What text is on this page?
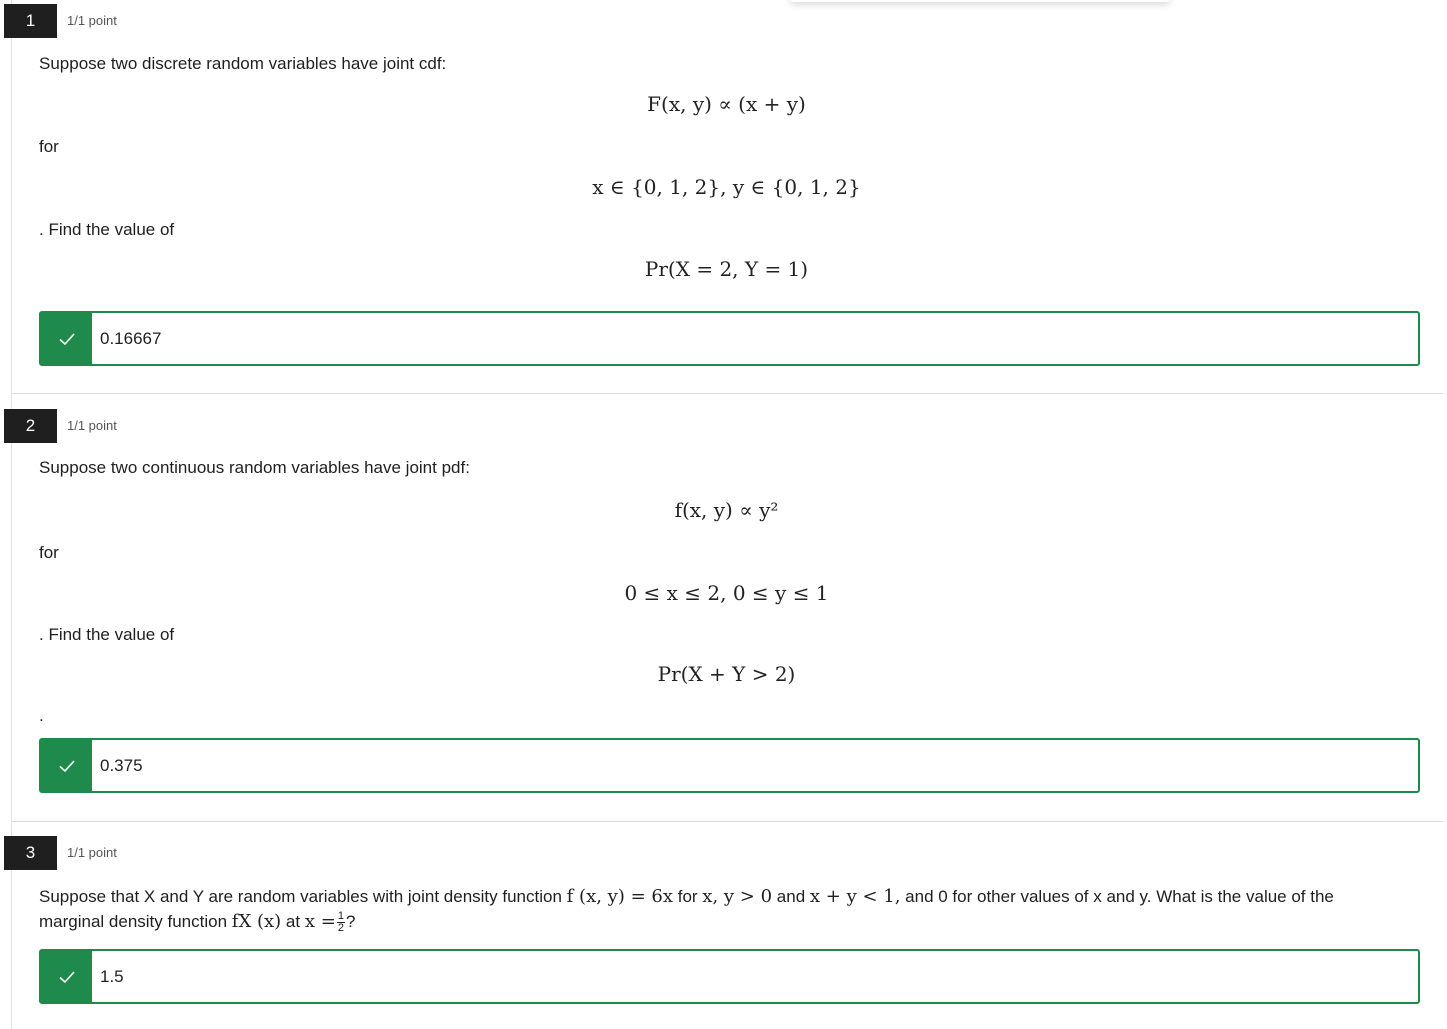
1	1/1 point
Suppose two discrete random variables have joint cdf:
F(x, y) ∝ (x + y)
for
x ∈ {0, 1, 2}, y ∈ {0, 1, 2}
. Find the value of
Pr(X = 2, Y = 1)
0.16667
2	1/1 point
Suppose two continuous random variables have joint pdf:
f(x, y) ∝ y²
for
0 ≤ x ≤ 2, 0 ≤ y ≤ 1
. Find the value of
Pr(X + Y > 2)
.
0.375
3	1/1 point
Suppose that X and Y are random variables with joint density function f (x, y) = 6x for x, y > 0 and x + y < 1, and 0 for other values of x and y. What is the value of the
marginal density function fX (x) at $x = \frac{1}{2}$ ?
1.5
